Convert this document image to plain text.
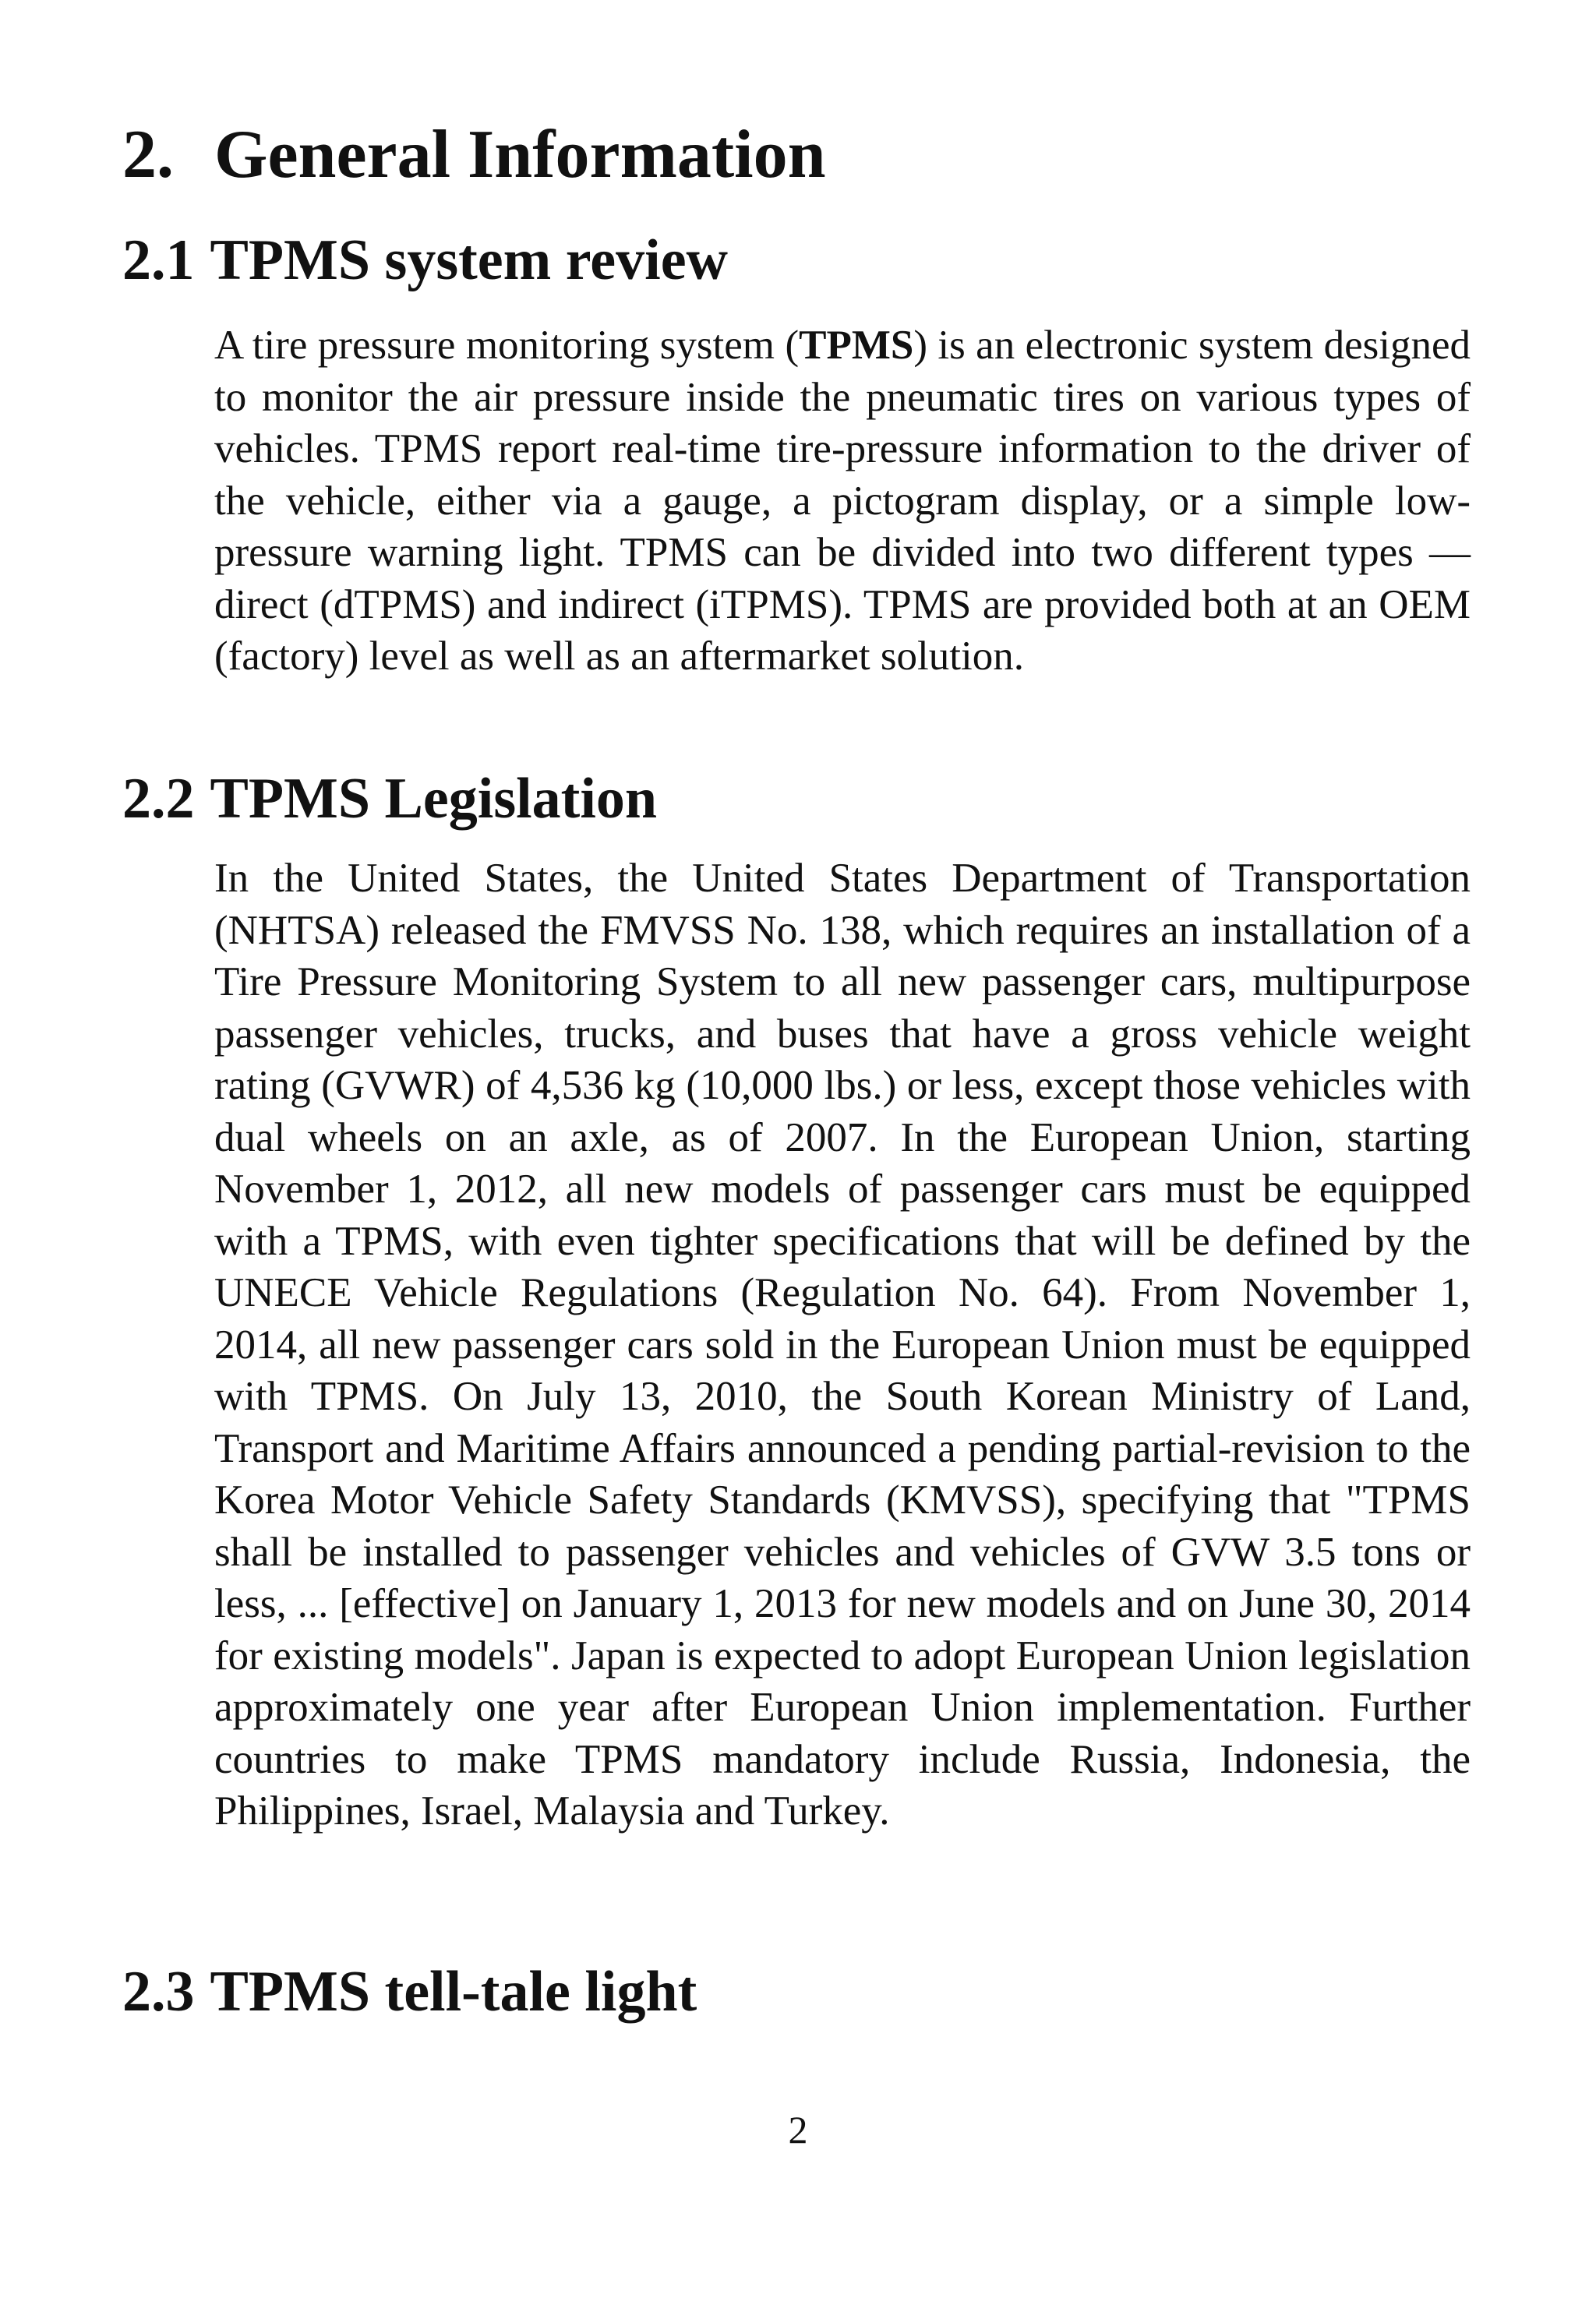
2. General Information
2.1 TPMS system review

A tire pressure monitoring system (TPMS) is an electronic system designed to monitor the air pressure inside the pneumatic tires on various types of vehicles. TPMS report real-time tire-pressure information to the driver of the vehicle, either via a gauge, a pictogram display, or a simple low-pressure warning light. TPMS can be divided into two different types — direct (dTPMS) and indirect (iTPMS). TPMS are provided both at an OEM (factory) level as well as an aftermarket solution.

2.2 TPMS Legislation

In the United States, the United States Department of Transportation (NHTSA) released the FMVSS No. 138, which requires an installation of a Tire Pressure Monitoring System to all new passenger cars, multipurpose passenger vehicles, trucks, and buses that have a gross vehicle weight rating (GVWR) of 4,536 kg (10,000 lbs.) or less, except those vehicles with dual wheels on an axle, as of 2007. In the European Union, starting November 1, 2012, all new models of passenger cars must be equipped with a TPMS, with even tighter specifications that will be defined by the UNECE Vehicle Regulations (Regulation No. 64). From November 1, 2014, all new passenger cars sold in the European Union must be equipped with TPMS. On July 13, 2010, the South Korean Ministry of Land, Transport and Maritime Affairs announced a pending partial-revision to the Korea Motor Vehicle Safety Standards (KMVSS), specifying that "TPMS shall be installed to passenger vehicles and vehicles of GVW 3.5 tons or less, ... [effective] on January 1, 2013 for new models and on June 30, 2014 for existing models". Japan is expected to adopt European Union legislation approximately one year after European Union implementation. Further countries to make TPMS mandatory include Russia, Indonesia, the Philippines, Israel, Malaysia and Turkey.

2.3 TPMS tell-tale light
2
